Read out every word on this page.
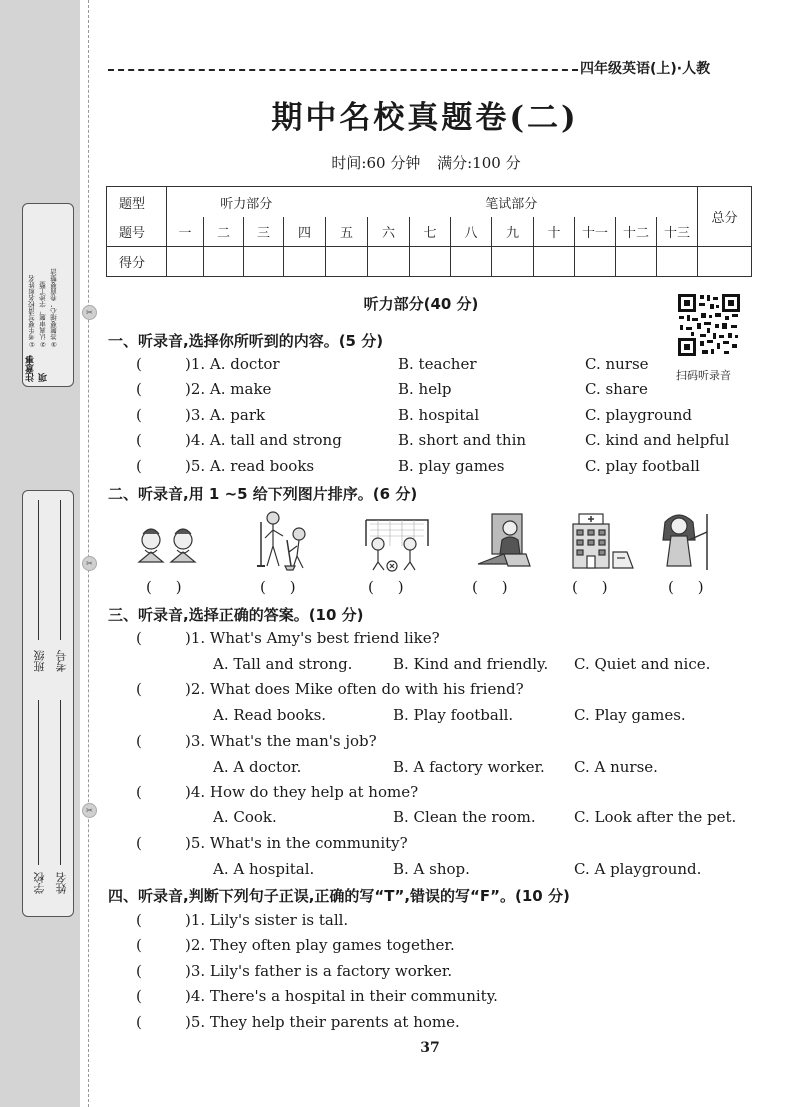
①考生要写清校名和姓名 ②认真审题，字迹工整 ③答题要细心，卷面要整洁
注意事项
班级 考号
学校 姓名
✂
✂
✂
四年级英语(上)·人教
期中名校真题卷(二)
时间:60 分钟 满分:100 分
题型	听力部分				笔试部分									总分
题号	一	二	三	四	五	六	七	八	九	十	十一	十二	十三	
得分														
听力部分(40 分)
扫码听录音
一、听录音,选择你所听到的内容。(5 分)
(	)1. A. doctor	B. teacher	C. nurse
(	)2. A. make	B. help	C. share
(	)3. A. park	B. hospital	C. playground
(	)4. A. tall and strong	B. short and thin	C. kind and helpful
(	)5. A. read books	B. play games	C. play football
二、听录音,用 1 ~5 给下列图片排序。(6 分)
(     )	(     )	(     )	(     )	(     )	(     )
三、听录音,选择正确的答案。(10 分)
(	)1. What's Amy's best friend like?
A. Tall and strong.	B. Kind and friendly. C. Quiet and nice.
(	)2. What does Mike often do with his friend?
A. Read books.	B. Play football.	C. Play games.
(	)3. What's the man's job?
A. A doctor.	B. A factory worker. C. A nurse.
(	)4. How do they help at home?
A. Cook.	B. Clean the room.	C. Look after the pet.
(	)5. What's in the community?
A. A hospital.	B. A shop.	C. A playground.
四、听录音,判断下列句子正误,正确的写“T”,错误的写“F”。(10 分)
(	)1. Lily's sister is tall.
(	)2. They often play games together.
(	)3. Lily's father is a factory worker.
(	)4. There's a hospital in their community.
(	)5. They help their parents at home.
37
